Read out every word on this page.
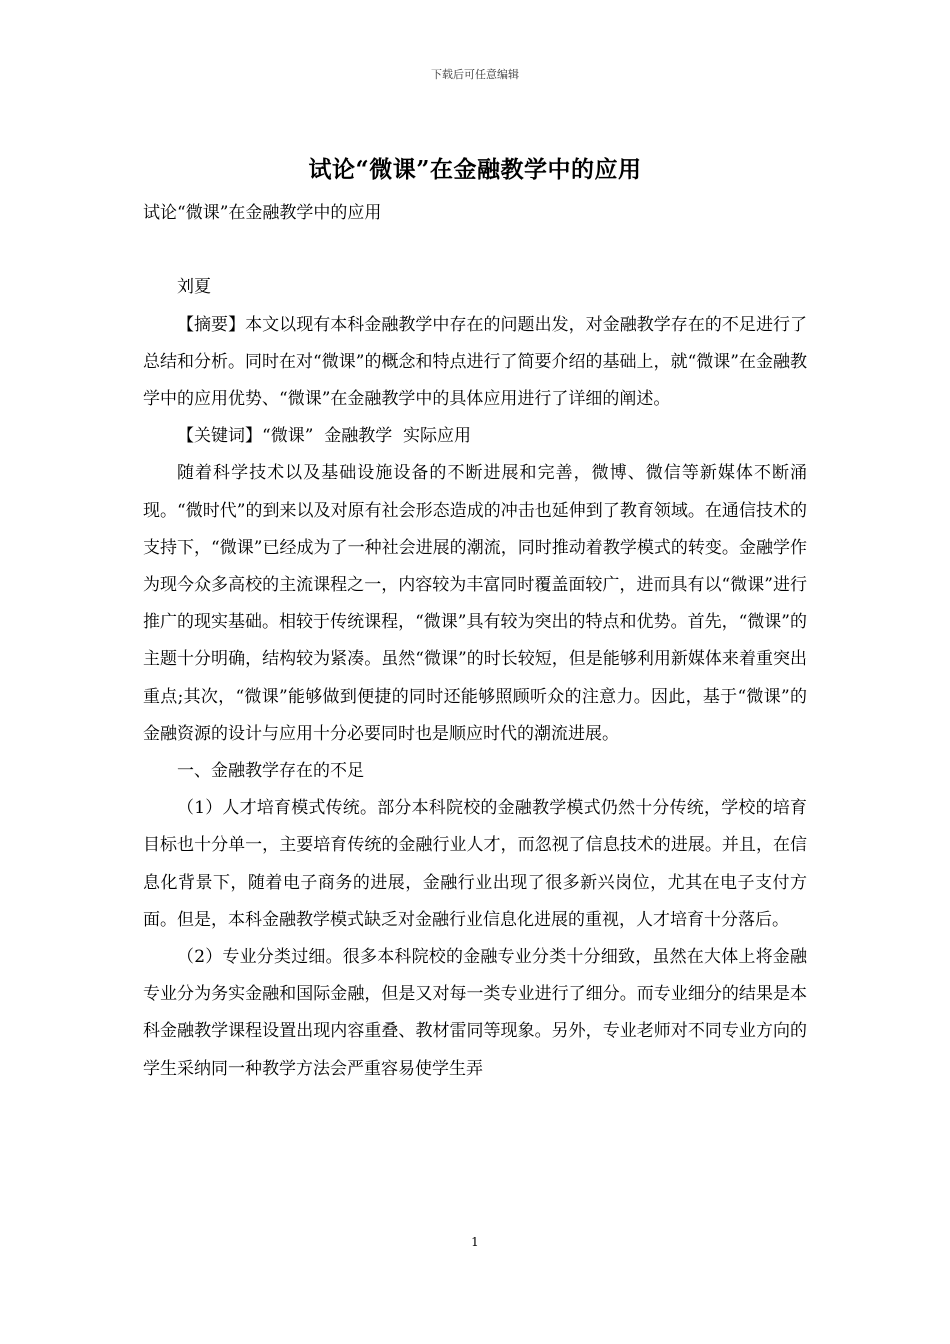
下载后可任意编辑
试论“微课”在金融教学中的应用

试论“微课”在金融教学中的应用

刘夏

【摘要】本文以现有本科金融教学中存在的问题出发，对金融教学存在的不足进行了总结和分析。同时在对“微课”的概念和特点进行了简要介绍的基础上，就“微课”在金融教学中的应用优势、“微课”在金融教学中的具体应用进行了详细的阐述。

【关键词】“微课”  金融教学  实际应用

随着科学技术以及基础设施设备的不断进展和完善，微博、微信等新媒体不断涌现。“微时代”的到来以及对原有社会形态造成的冲击也延伸到了教育领域。在通信技术的支持下，“微课”已经成为了一种社会进展的潮流，同时推动着教学模式的转变。金融学作为现今众多高校的主流课程之一，内容较为丰富同时覆盖面较广，进而具有以“微课”进行推广的现实基础。相较于传统课程，“微课”具有较为突出的特点和优势。首先，“微课”的主题十分明确，结构较为紧凑。虽然“微课”的时长较短，但是能够利用新媒体来着重突出重点;其次，“微课”能够做到便捷的同时还能够照顾听众的注意力。因此，基于“微课”的金融资源的设计与应用十分必要同时也是顺应时代的潮流进展。

一、金融教学存在的不足

（1）人才培育模式传统。部分本科院校的金融教学模式仍然十分传统，学校的培育目标也十分单一，主要培育传统的金融行业人才，而忽视了信息技术的进展。并且，在信息化背景下，随着电子商务的进展，金融行业出现了很多新兴岗位，尤其在电子支付方面。但是，本科金融教学模式缺乏对金融行业信息化进展的重视，人才培育十分落后。

（2）专业分类过细。很多本科院校的金融专业分类十分细致，虽然在大体上将金融专业分为务实金融和国际金融，但是又对每一类专业进行了细分。而专业细分的结果是本科金融教学课程设置出现内容重叠、教材雷同等现象。另外，专业老师对不同专业方向的学生采纳同一种教学方法会严重容易使学生弄

1
